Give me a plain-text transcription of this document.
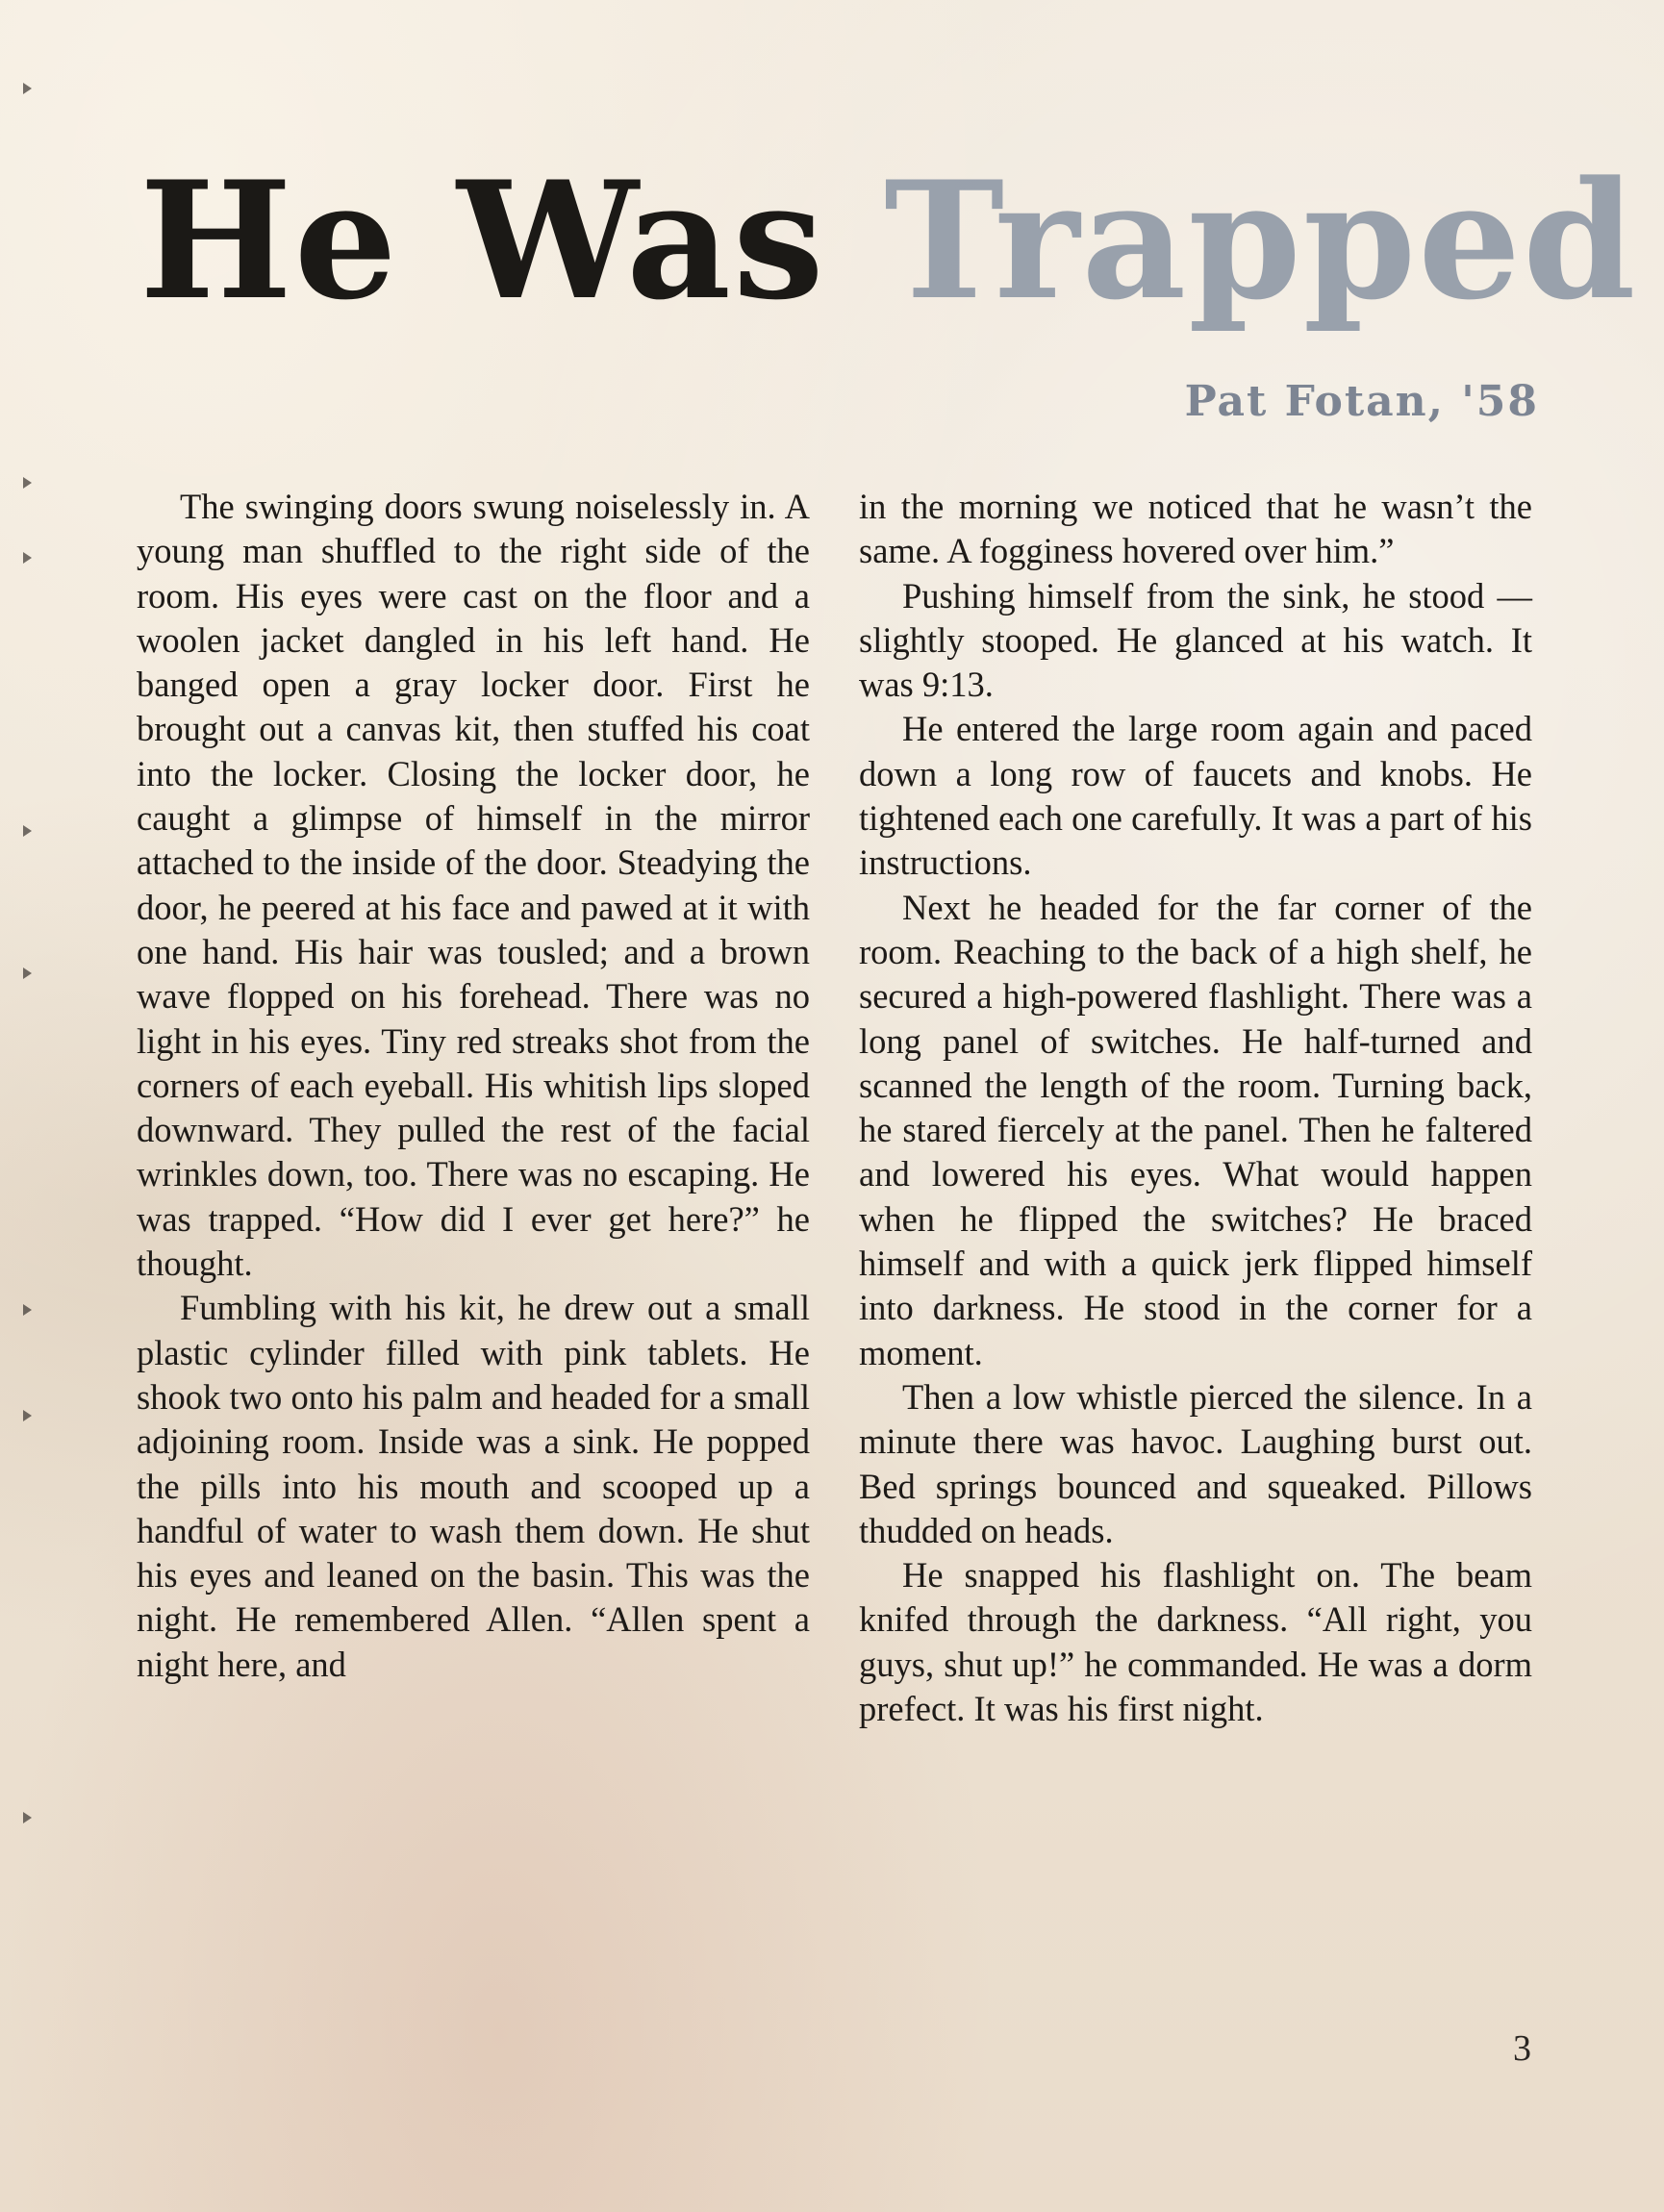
He Was Trapped
Pat Fotan, '58

The swinging doors swung noiselessly in. A young man shuffled to the right side of the room. His eyes were cast on the floor and a woolen jacket dangled in his left hand. He banged open a gray locker door. First he brought out a canvas kit, then stuffed his coat into the locker. Closing the locker door, he caught a glimpse of himself in the mirror attached to the inside of the door. Steadying the door, he peered at his face and pawed at it with one hand. His hair was tousled; and a brown wave flopped on his forehead. There was no light in his eyes. Tiny red streaks shot from the corners of each eyeball. His whitish lips sloped downward. They pulled the rest of the facial wrinkles down, too. There was no escaping. He was trapped. “How did I ever get here?” he thought.

Fumbling with his kit, he drew out a small plastic cylinder filled with pink tablets. He shook two onto his palm and headed for a small adjoining room. Inside was a sink. He popped the pills into his mouth and scooped up a handful of water to wash them down. He shut his eyes and leaned on the basin. This was the night. He remembered Allen. “Allen spent a night here, and

in the morning we noticed that he wasn’t the same. A fogginess hovered over him.”

Pushing himself from the sink, he stood — slightly stooped. He glanced at his watch. It was 9:13.

He entered the large room again and paced down a long row of faucets and knobs. He tightened each one carefully. It was a part of his instructions.

Next he headed for the far corner of the room. Reaching to the back of a high shelf, he secured a high-powered flashlight. There was a long panel of switches. He half-turned and scanned the length of the room. Turning back, he stared fiercely at the panel. Then he faltered and lowered his eyes. What would happen when he flipped the switches? He braced himself and with a quick jerk flipped himself into darkness. He stood in the corner for a moment.

Then a low whistle pierced the silence. In a minute there was havoc. Laughing burst out. Bed springs bounced and squeaked. Pillows thudded on heads.

He snapped his flashlight on. The beam knifed through the darkness. “All right, you guys, shut up!” he commanded. He was a dorm prefect. It was his first night.

3
